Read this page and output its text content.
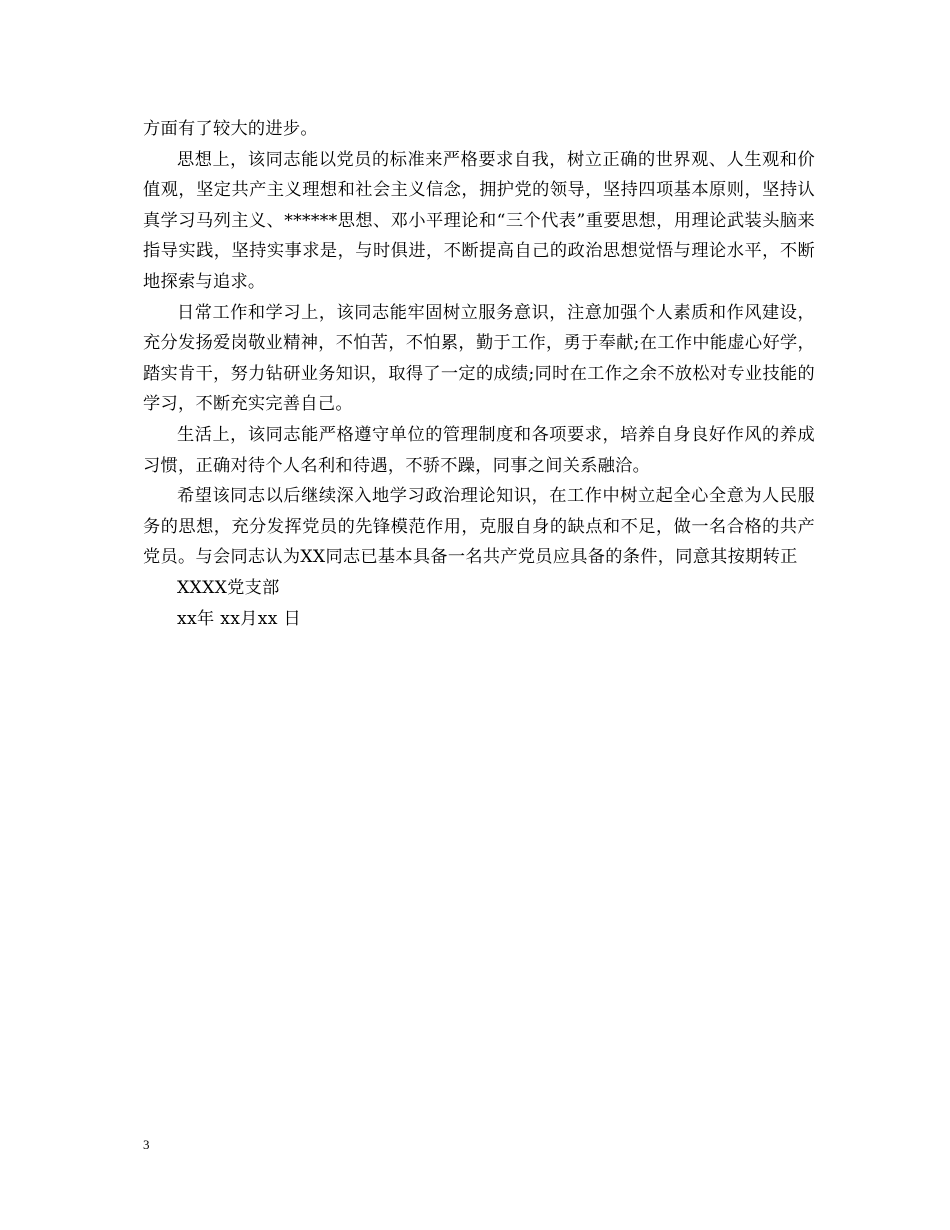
方面有了较大的进步。

思想上，该同志能以党员的标准来严格要求自我，树立正确的世界观、人生观和价值观，坚定共产主义理想和社会主义信念，拥护党的领导，坚持四项基本原则，坚持认真学习马列主义、******思想、邓小平理论和“三个代表”重要思想，用理论武装头脑来指导实践，坚持实事求是，与时俱进，不断提高自己的政治思想觉悟与理论水平，不断地探索与追求。

日常工作和学习上，该同志能牢固树立服务意识，注意加强个人素质和作风建设，充分发扬爱岗敬业精神，不怕苦，不怕累，勤于工作，勇于奉献;在工作中能虚心好学，踏实肯干，努力钻研业务知识，取得了一定的成绩;同时在工作之余不放松对专业技能的学习，不断充实完善自己。

生活上，该同志能严格遵守单位的管理制度和各项要求，培养自身良好作风的养成习惯，正确对待个人名利和待遇，不骄不躁，同事之间关系融洽。

希望该同志以后继续深入地学习政治理论知识，在工作中树立起全心全意为人民服务的思想，充分发挥党员的先锋模范作用，克服自身的缺点和不足，做一名合格的共产党员。与会同志认为XX同志已基本具备一名共产党员应具备的条件，同意其按期转正

XXXX党支部

xx年 xx月xx 日

3
